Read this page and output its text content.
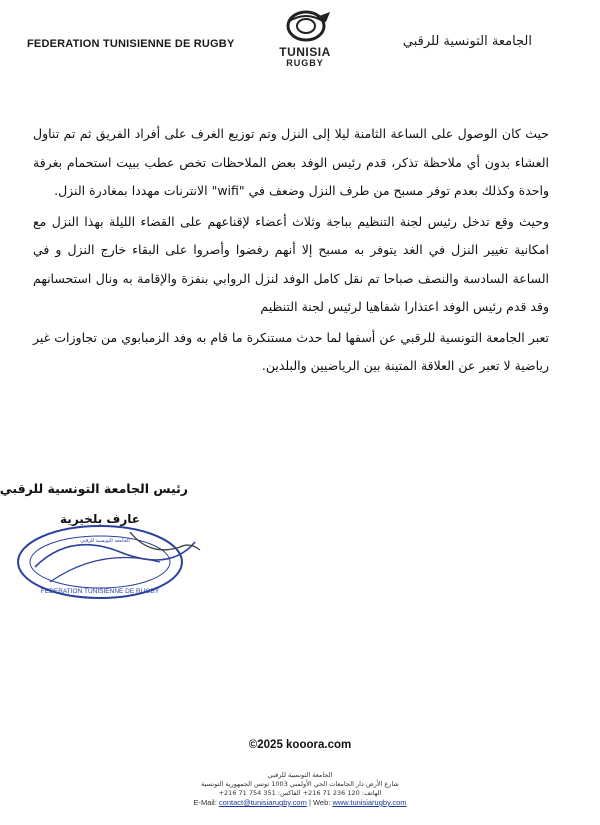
FEDERATION TUNISIENNE DE RUGBY
TUNISIA
RUGBY
الجامعة التونسية للرقبي

حيث كان الوصول على الساعة الثامنة ليلا إلى النزل وتم توزيع الغرف على أفراد الفريق ثم تم تناول العشاء بدون أي ملاحظة تذكر، قدم رئيس الوفد بعض الملاحظات تخص عطب ببيت استحمام بغرفة واحدة وكذلك بعدم توفر مسبح من طرف النزل وضعف في "wifi" الانترنات مهددا بمغادرة النزل.

وحيث وقع تدخل رئيس لجنة التنظيم بباجة وثلاث أعضاء لإقناعهم على القضاء الليلة بهذا النزل مع امكانية تغيير النزل في الغد يتوفر به مسبح إلا أنهم رفضوا وأصروا على البقاء خارج النزل و في الساعة السادسة والنصف صباحا تم نقل كامل الوفد لنزل الروابي بنفزة والإقامة به ونال استحسانهم وقد قدم رئيس الوفد اعتذارا شفاهيا لرئيس لجنة التنظيم

تعبر الجامعة التونسية للرقبي عن أسفها لما حدث مستنكرة ما قام به وفد الزمبابوي من تجاوزات غير رياضية لا تعبر عن العلاقة المتينة بين الرياضيين والبلدين.

رئيس الجامعة التونسية للرقبي
FEDERATION TUNISIENNE DE RUGBY
الجامعة التونسية للرقبي
عارف بلخيرية
©2025 kooora.com
الجامعة التونسية للرقبي
شارع الأرض دار الجامعات الحي الأولمبي 1003 تونس الجمهورية التونسية
الهاتف: 120 236 71 216+ الفاكس: 351 754 71 216+
E-Mail: contact@tunisiarugby.com | Web: www.tunisiarugby.com
